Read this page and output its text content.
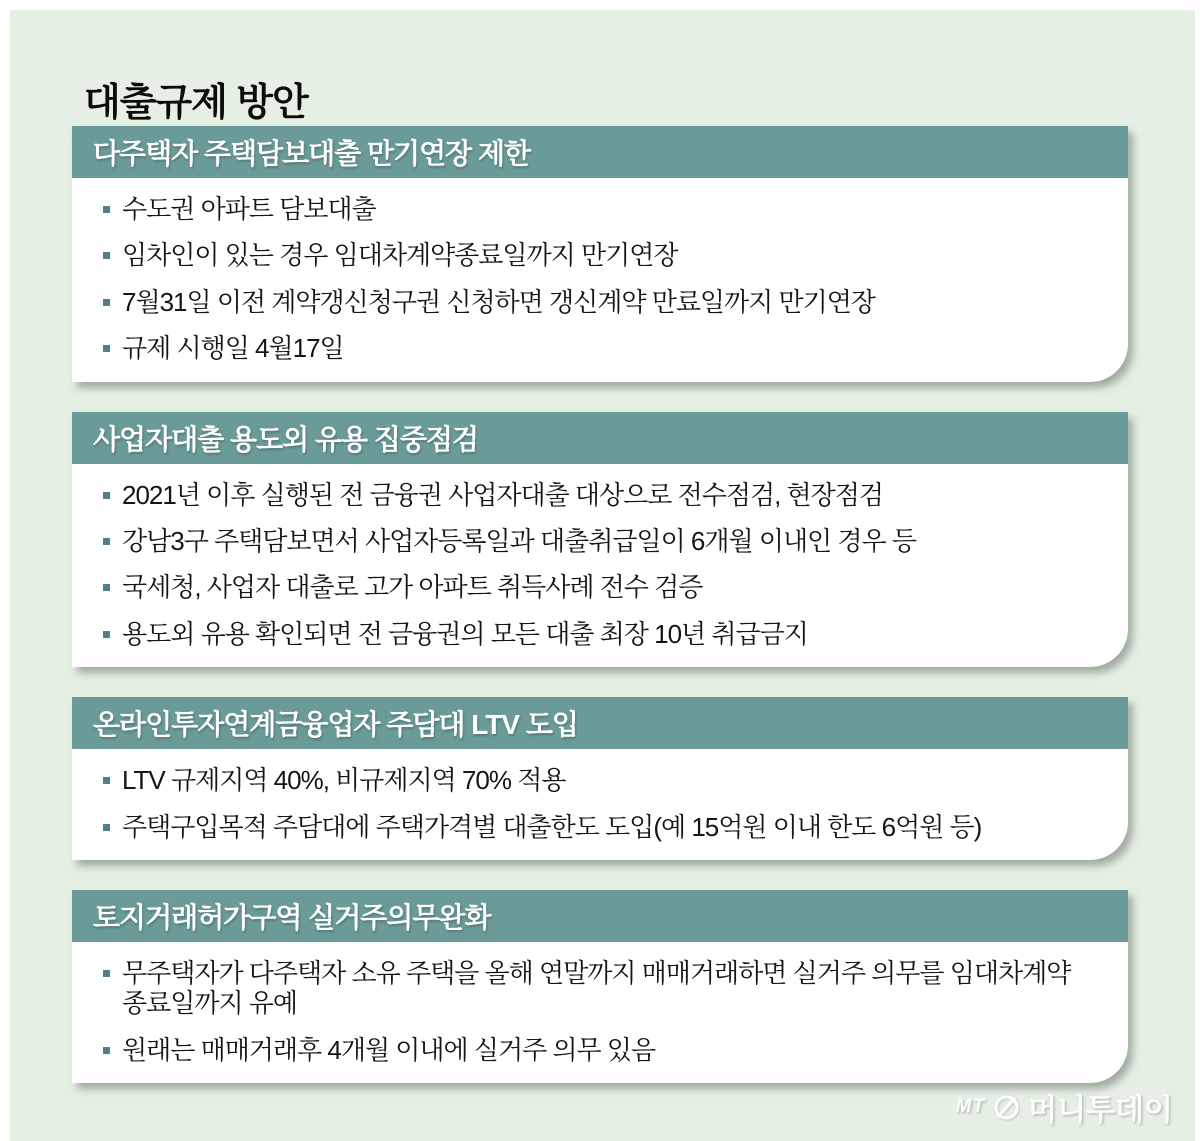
대출규제 방안
다주택자 주택담보대출 만기연장 제한
수도권 아파트 담보대출
임차인이 있는 경우 임대차계약종료일까지 만기연장
7월31일 이전 계약갱신청구권 신청하면 갱신계약 만료일까지 만기연장
규제 시행일 4월17일
사업자대출 용도외 유용 집중점검
2021년 이후 실행된 전 금융권 사업자대출 대상으로 전수점검, 현장점검
강남3구 주택담보면서 사업자등록일과 대출취급일이 6개월 이내인 경우 등
국세청, 사업자 대출로 고가 아파트 취득사례 전수 검증
용도외 유용 확인되면 전 금융권의 모든 대출 최장 10년 취급금지
온라인투자연계금융업자 주담대 LTV 도입
LTV 규제지역 40%, 비규제지역 70% 적용
주택구입목적 주담대에 주택가격별 대출한도 도입(예 15억원 이내 한도 6억원 등)
토지거래허가구역 실거주의무완화
무주택자가 다주택자 소유 주택을 올해 연말까지 매매거래하면 실거주 의무를 임대차계약 종료일까지 유예
원래는 매매거래후 4개월 이내에 실거주 의무 있음
MT 머니투데이
